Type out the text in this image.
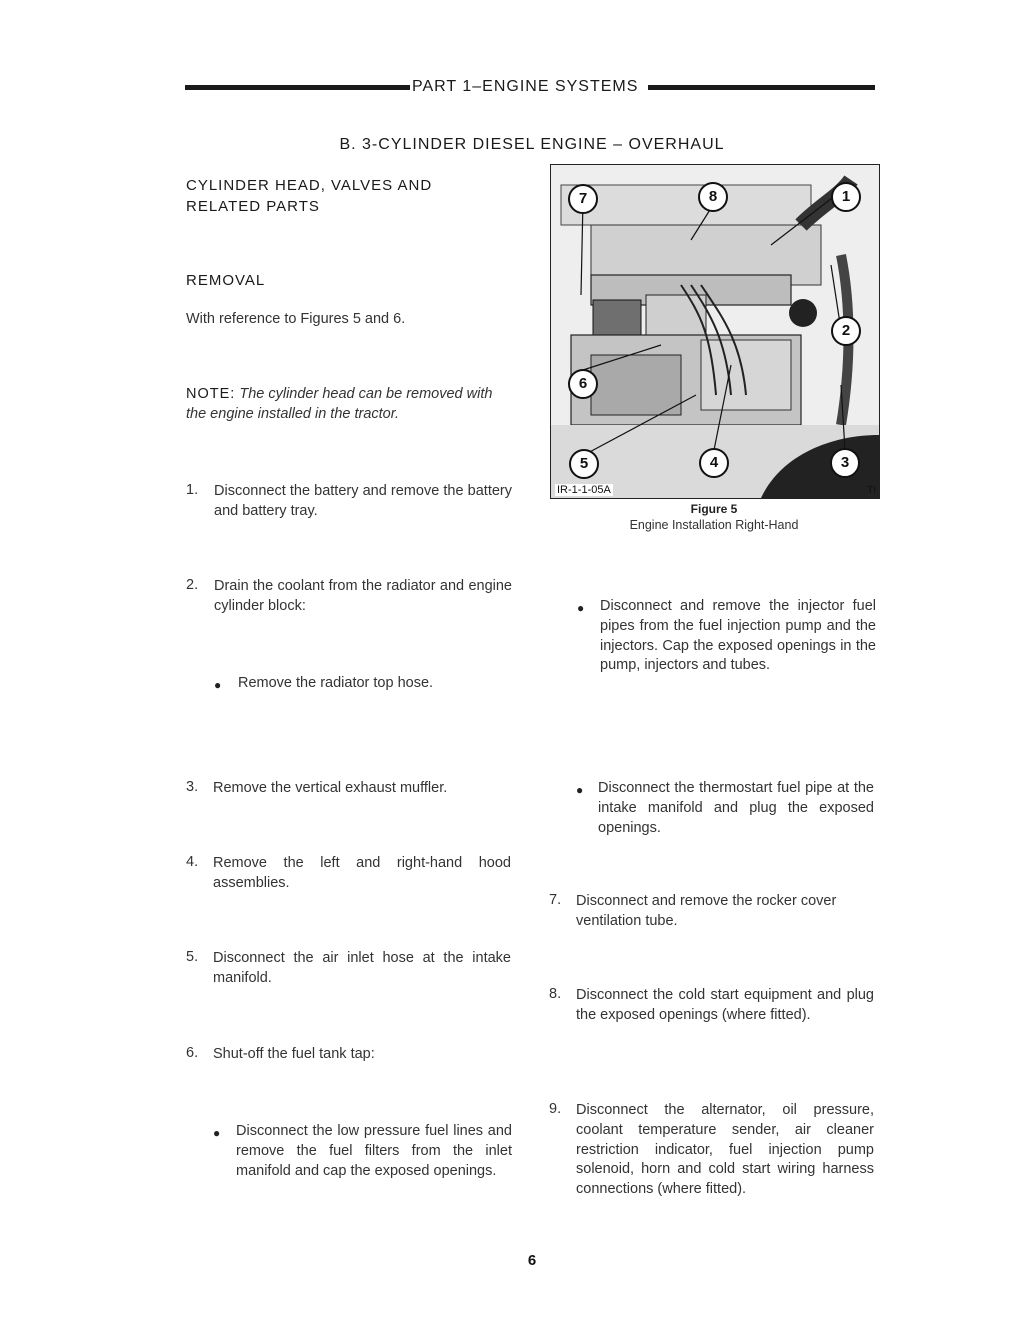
PART 1–ENGINE SYSTEMS
B. 3-CYLINDER DIESEL ENGINE – OVERHAUL
CYLINDER HEAD, VALVES AND
RELATED PARTS
REMOVAL
With reference to Figures 5 and 6.
NOTE: The cylinder head can be removed with the engine installed in the tractor.
1. Disconnect the battery and remove the battery and battery tray.
2. Drain the coolant from the radiator and engine cylinder block:
● Remove the radiator top hose.
3. Remove the vertical exhaust muffler.
4. Remove the left and right-hand hood assemblies.
5. Disconnect the air inlet hose at the intake manifold.
6. Shut-off the fuel tank tap:
● Disconnect the low pressure fuel lines and remove the fuel filters from the inlet manifold and cap the exposed openings.
7	8	1
2
6
5	4	3
IR-1-1-05A	TI
Figure 5
Engine Installation Right-Hand
● Disconnect and remove the injector fuel pipes from the fuel injection pump and the injectors. Cap the exposed openings in the pump, injectors and tubes.
● Disconnect the thermostart fuel pipe at the intake manifold and plug the exposed openings.
7. Disconnect and remove the rocker cover ventilation tube.
8. Disconnect the cold start equipment and plug the exposed openings (where fitted).
9. Disconnect the alternator, oil pressure, coolant temperature sender, air cleaner restriction indicator, fuel injection pump solenoid, horn and cold start wiring harness connections (where fitted).
6
